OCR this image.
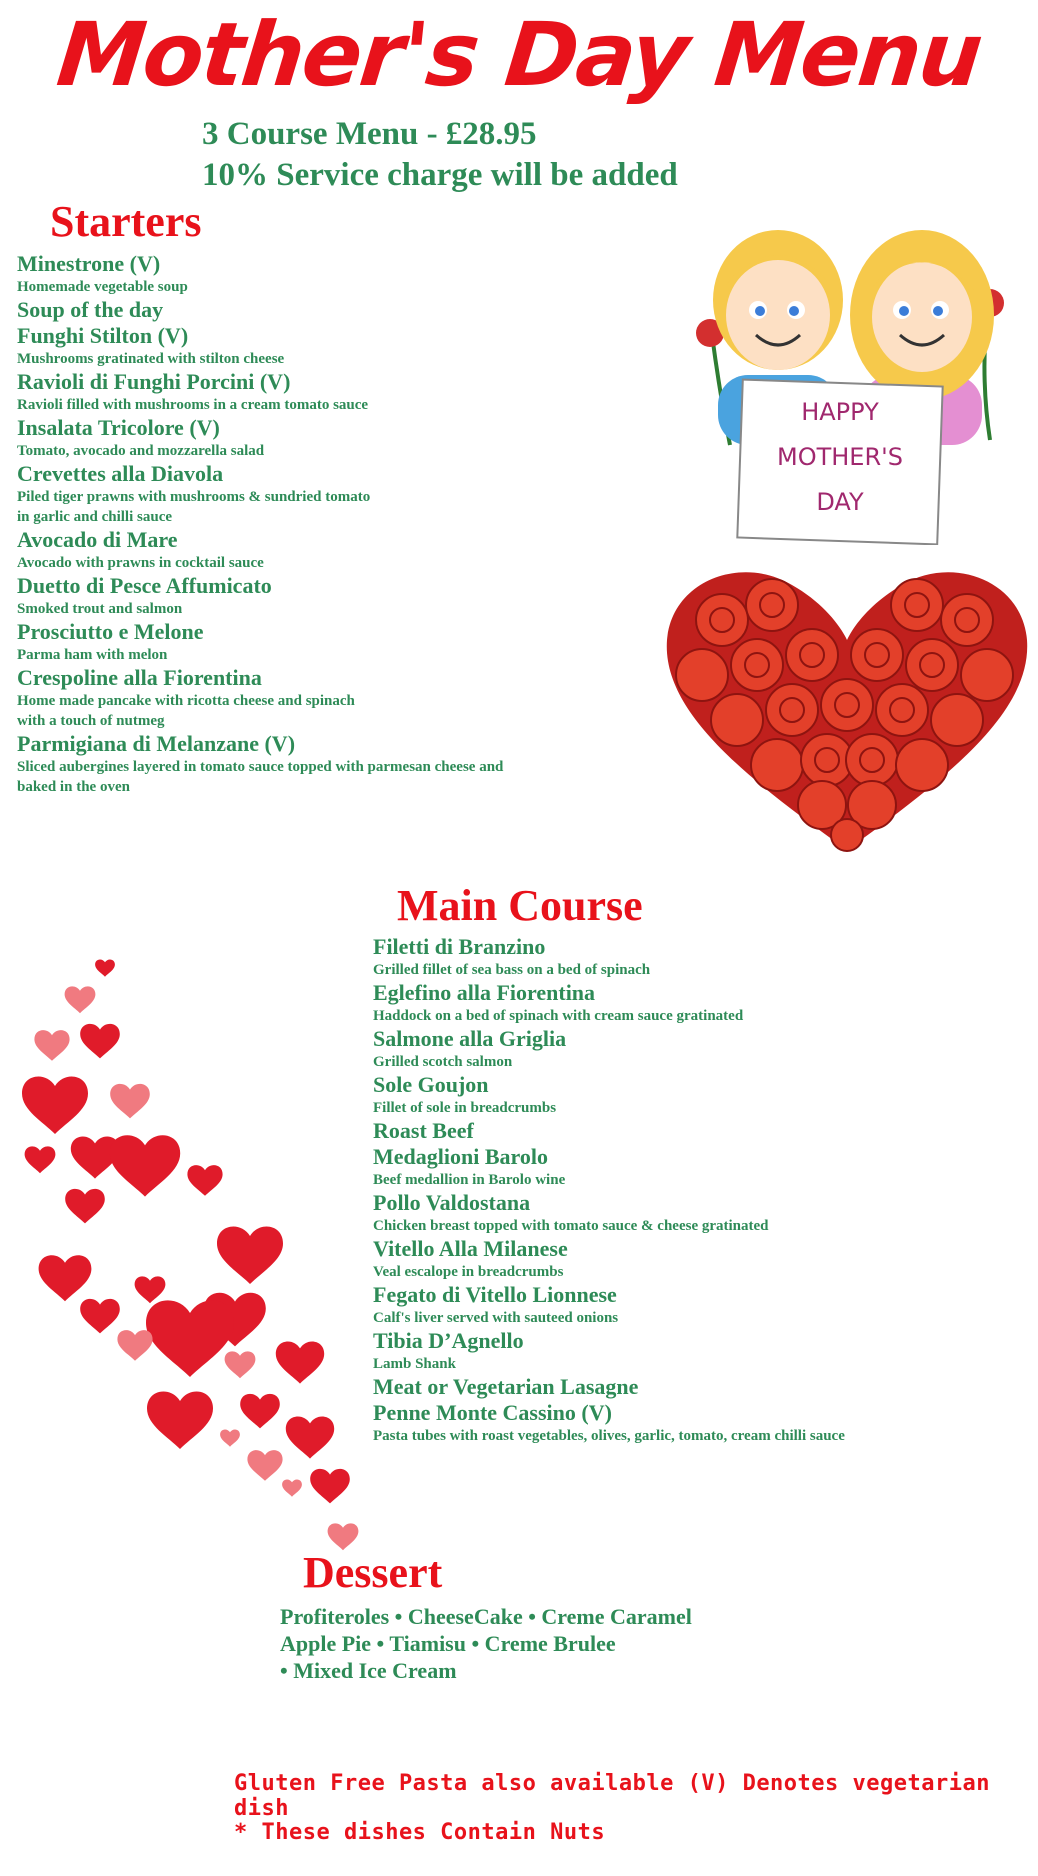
Mother's Day Menu
3 Course Menu - £28.95
10% Service charge will be added
Starters
Minestrone (V)
Homemade vegetable soup
Soup of the day
Funghi Stilton (V)
Mushrooms gratinated with stilton cheese
Ravioli di Funghi Porcini (V)
Ravioli filled with mushrooms in a cream tomato sauce
Insalata Tricolore (V)
Tomato, avocado and mozzarella salad
Crevettes alla Diavola
Piled tiger prawns with mushrooms & sundried tomato
in garlic and chilli sauce
Avocado di Mare
Avocado with prawns in cocktail sauce
Duetto di Pesce Affumicato
Smoked trout and salmon
Prosciutto e Melone
Parma ham with melon
Crespoline alla Fiorentina
Home made pancake with ricotta cheese and spinach
with a touch of nutmeg
Parmigiana di Melanzane (V)
Sliced aubergines layered in tomato sauce topped with parmesan cheese and
baked in the oven
HAPPY
MOTHER'S
DAY
Main Course
Filetti di Branzino
Grilled fillet of sea bass on a bed of spinach
Eglefino alla Fiorentina
Haddock on a bed of spinach with cream sauce gratinated
Salmone alla Griglia
Grilled scotch salmon
Sole Goujon
Fillet of sole in breadcrumbs
Roast Beef
Medaglioni Barolo
Beef medallion in Barolo wine
Pollo Valdostana
Chicken breast topped with tomato sauce & cheese gratinated
Vitello Alla Milanese
Veal escalope in breadcrumbs
Fegato di Vitello Lionnese
Calf's liver served with sauteed onions
Tibia D’Agnello
Lamb Shank
Meat or Vegetarian Lasagne
Penne Monte Cassino (V)
Pasta tubes with roast vegetables, olives, garlic, tomato, cream chilli sauce
Dessert
Profiteroles • CheeseCake • Creme Caramel
Apple Pie • Tiamisu • Creme Brulee
• Mixed Ice Cream
Gluten Free Pasta also available (V) Denotes vegetarian dish
* These dishes Contain Nuts
